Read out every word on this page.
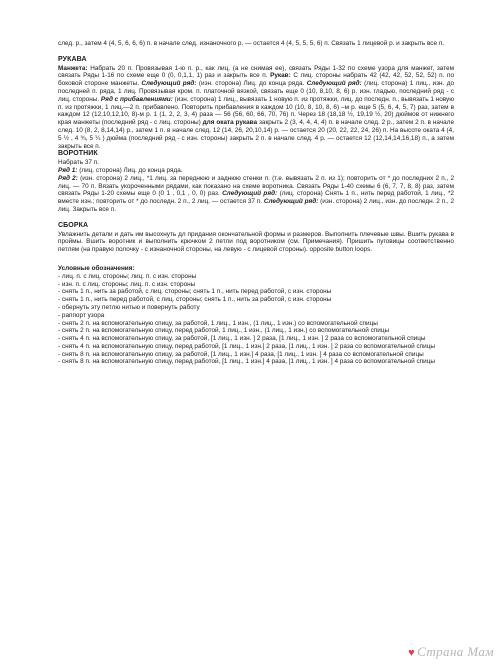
след. р., затем 4 (4, 5, 6, 6, 6) п. в начале след. изнаночного р. — остается 4 (4, 5, 5, 5, 6) п. Связать 1 лицевой р. и закрыть все п.

РУКАВА

Манжета: Набрать 20 п. Провязывая 1-ю п. р., как лиц. (а не снимая ее), связать Ряды 1-32 по схеме узора для манжет, затем связать Ряды 1-16 по схеме еще 0 (0, 0,1,1, 1) раз и закрыть все п. Рукав: С лиц. стороны набрать 42 (42, 42, 52, 52, 52) п. по боковой стороне манжеты. Следующий ряд: (изн. сторона) Лиц. до конца ряда. Следующий ряд: (лиц. сторона) 1 лиц., изн. до последней п. ряда, 1 лиц. Провязывая кром. п. платочной вязкой, связать еще 0 (10, 8,10, 8, 6) р. изн. гладью, последний ряд - с лиц. стороны. Ряд с прибавлениями: (изн. сторона) 1 лиц., вывязать 1 новую п. из протяжки, лиц. до последн. п., вывязать 1 новую п. из протяжки, 1 лиц.—2 п. прибавлено. Повторить прибавления в каждом 10 (10, 8, 10, 8, 6) –м р. еще 5 (5, 6, 4, 5, 7) раз, затем в каждом 12 (12,10,12,10, 8)-м р. 1 (1, 2, 2, 3, 4) раза — 56 (56, 60, 66, 70, 76) п. Через 18 (18,18 ½, 19,19 ½, 20) дюймов от нижнего края манжеты (последний ряд - с лиц. стороны) для оката рукава закрыть 2 (3, 4, 4, 4, 4) п. в начале след. 2 р., затем 2 п. в начале след. 10 (8, 2, 8,14,14) р., затем 1 п. в начале след. 12 (14, 26, 20,10,14) р. — остается 20 (20, 22, 22, 24, 26) п. На высоте оката 4 (4, 5 ½ , 4 ¾, 5 ¼ ) дюйма (последний ряд - с изн. стороны) закрыть 2 п. в начале след. 4 р. — остается 12 (12,14,14,16,18) п., а затем закрыть все п.

ВОРОТНИК

Набрать 37 п.

Ряд 1: (лиц. сторона) Лиц. до конца ряда.

Ряд 2: (изн. сторона) 2 лиц., *1 лиц. за переднюю и заднюю стенки п. (т.е. вывязать 2 п. из 1); повторить от * до последних 2 п., 2 лиц. — 70 п. Вязать укороченными рядами, как показано на схеме воротника. Связать Ряды 1-40 схемы 6 (6, 7, 7, 8, 8) раз, затем связать Ряды 1-20 схемы еще 0 (0 1 , 0,1 , 0, 0) раз. Следующий ряд: (лиц. сторона) Снять 1 п., нить перед работой, 1 лиц., *2 вместе изн.; повторить от * до последн. 2 п., 2 лиц. — остается 37 п. Следующий ряд: (изн. сторона) 2 лиц., изн. до последн. 2 п., 2 лиц. Закрыть все п.

СБОРКА

Увлажнить детали и дать им высохнуть дл придания окончательной формы и размеров. Выполнить плечевые швы. Вшить рукава в проймы. Вшить воротник и выполнить крючком 2 петли под воротником (см. Примечания). Пришить пуговицы соответственно петлям (на правую полочку - с изнаночной стороны, на левую - с лицевой стороны). opposite button loops.

Условные обозначения:

- лиц. п. с лиц. стороны; лиц. п. с изн. стороны

- изн. п. с лиц. стороны; лиц. п. с изн. стороны

- снять 1 п., нить за работой, с лиц. стороны; снять 1 п., нить перед работой, с изн. стороны

- снять 1 п., нить перед работой, с лиц. стороны; снять 1 п., нить за работой, с изн. стороны

- обернуть эту петлю нитью и повернуть работу

- раппорт узора

- снять 2 п. на вспомогательную спицу, за работой, 1 лиц., 1 изн., (1 лиц., 1 изн.) со вспомогательной спицы

- снять 2 п. на вспомогательную спицу, перед работой, 1 лиц., 1 изн., (1 лиц., 1 изн.) со вспомогательной спицы

- снять 4 п. на вспомогательную спицу, за работой, [1 лиц., 1 изн. ] 2 раза, [1 лиц., 1 изн. ] 2 раза со вспомогательной спицы

- снять 4 п. на вспомогательную спицу, перед работой, [1 лиц., 1 изн.] 2 раза, [1 лиц., 1 изн. ] 2 раза со вспомогательной спицы

- снять 8 п. на вспомогательную спицу, за работой, [1 лиц., 1 изн.] 4 раза, [1 лиц., 1 изн. ] 4 раза со вспомогательной спицы

- снять 8 п. на вспомогательную спицу, перед работой, [1 лиц., 1 изн.] 4 раза, [1 лиц., 1 изн. ] 4 раза со вспомогательной спицы

♥ Страна Мам
